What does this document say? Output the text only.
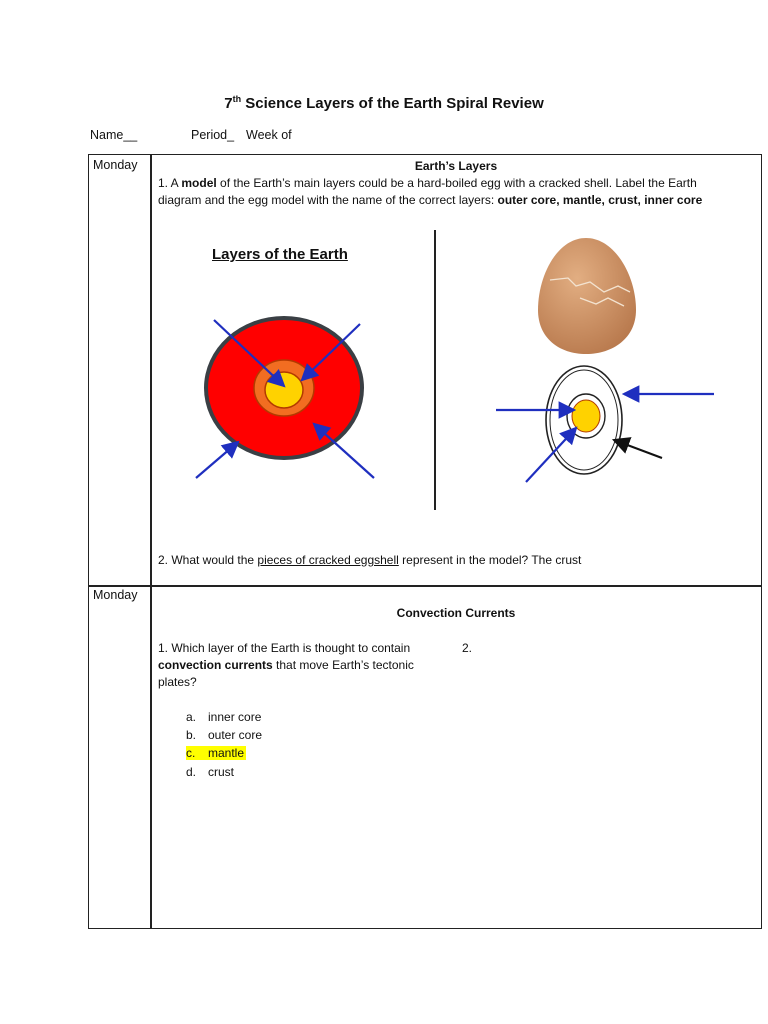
7th Science Layers of the Earth Spiral Review
Name__	Period_ Week of
Monday	Earth’s Layers
1. A model of the Earth’s main layers could be a hard-boiled egg with a cracked shell. Label the Earth
diagram and the egg model with the name of the correct layers: outer core, mantle, crust, inner core
Layers of the Earth
2. What would the pieces of cracked eggshell represent in the model? The crust
Monday
Convection Currents
1. Which layer of the Earth is thought to contain
convection currents that move Earth’s tectonic
plates?
2.
a. inner core
b. outer core
c. mantle
d. crust
